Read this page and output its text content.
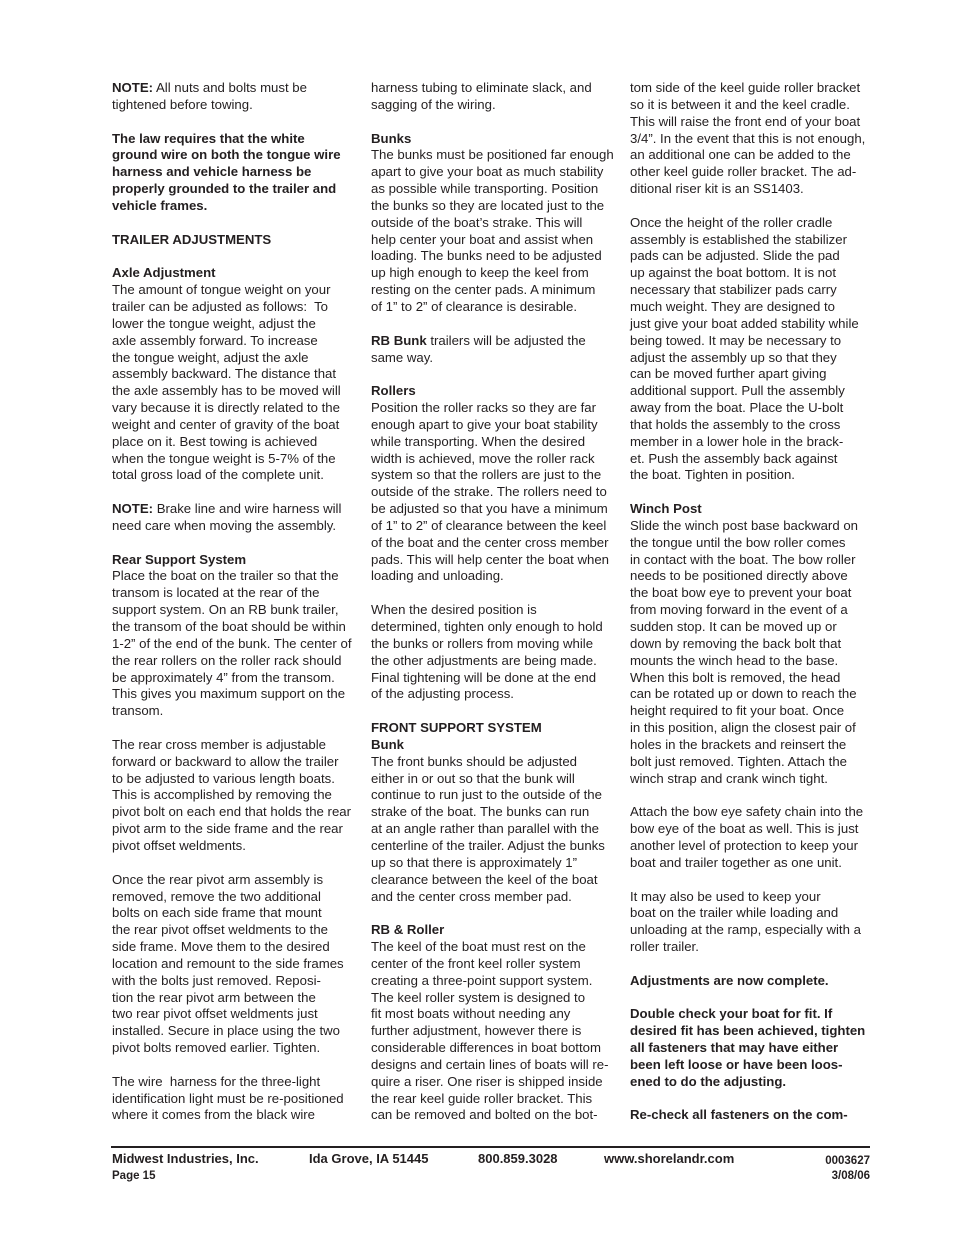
NOTE: All nuts and bolts must be
tightened before towing.
The law requires that the white
ground wire on both the tongue wire
harness and vehicle harness be
properly grounded to the trailer and
vehicle frames.
TRAILER ADJUSTMENTS
Axle Adjustment
The amount of tongue weight on your
trailer can be adjusted as follows:  To
lower the tongue weight, adjust the
axle assembly forward. To increase
the tongue weight, adjust the axle
assembly backward. The distance that
the axle assembly has to be moved will
vary because it is directly related to the
weight and center of gravity of the boat
place on it. Best towing is achieved
when the tongue weight is 5-7% of the
total gross load of the complete unit.
NOTE: Brake line and wire harness will
need care when moving the assembly.
Rear Support System
Place the boat on the trailer so that the
transom is located at the rear of the
support system. On an RB bunk trailer,
the transom of the boat should be within
1-2” of the end of the bunk. The center of
the rear rollers on the roller rack should
be approximately 4” from the transom.
This gives you maximum support on the
transom.
The rear cross member is adjustable
forward or backward to allow the trailer
to be adjusted to various length boats.
This is accomplished by removing the
pivot bolt on each end that holds the rear
pivot arm to the side frame and the rear
pivot offset weldments.
Once the rear pivot arm assembly is
removed, remove the two additional
bolts on each side frame that mount
the rear pivot offset weldments to the
side frame. Move them to the desired
location and remount to the side frames
with the bolts just removed. Reposi-
tion the rear pivot arm between the
two rear pivot offset weldments just
installed. Secure in place using the two
pivot bolts removed earlier. Tighten.
The wire  harness for the three-light
identification light must be re-positioned
where it comes from the black wire
harness tubing to eliminate slack, and
sagging of the wiring.
Bunks
The bunks must be positioned far enough
apart to give your boat as much stability
as possible while transporting. Position
the bunks so they are located just to the
outside of the boat’s strake. This will
help center your boat and assist when
loading. The bunks need to be adjusted
up high enough to keep the keel from
resting on the center pads. A minimum
of 1” to 2” of clearance is desirable.
RB Bunk trailers will be adjusted the
same way.
Rollers
Position the roller racks so they are far
enough apart to give your boat stability
while transporting. When the desired
width is achieved, move the roller rack
system so that the rollers are just to the
outside of the strake. The rollers need to
be adjusted so that you have a minimum
of 1” to 2” of clearance between the keel
of the boat and the center cross member
pads. This will help center the boat when
loading and unloading.
When the desired position is
determined, tighten only enough to hold
the bunks or rollers from moving while
the other adjustments are being made.
Final tightening will be done at the end
of the adjusting process.
FRONT SUPPORT SYSTEM
Bunk
The front bunks should be adjusted
either in or out so that the bunk will
continue to run just to the outside of the
strake of the boat. The bunks can run
at an angle rather than parallel with the
centerline of the trailer. Adjust the bunks
up so that there is approximately 1”
clearance between the keel of the boat
and the center cross member pad.
RB & Roller
The keel of the boat must rest on the
center of the front keel roller system
creating a three-point support system.
The keel roller system is designed to
fit most boats without needing any
further adjustment, however there is
considerable differences in boat bottom
designs and certain lines of boats will re-
quire a riser. One riser is shipped inside
the rear keel guide roller bracket. This
can be removed and bolted on the bot-
tom side of the keel guide roller bracket
so it is between it and the keel cradle.
This will raise the front end of your boat
3/4”. In the event that this is not enough,
an additional one can be added to the
other keel guide roller bracket. The ad-
ditional riser kit is an SS1403.
Once the height of the roller cradle
assembly is established the stabilizer
pads can be adjusted. Slide the pad
up against the boat bottom. It is not
necessary that stabilizer pads carry
much weight. They are designed to
just give your boat added stability while
being towed. It may be necessary to
adjust the assembly up so that they
can be moved further apart giving
additional support. Pull the assembly
away from the boat. Place the U-bolt
that holds the assembly to the cross
member in a lower hole in the brack-
et. Push the assembly back against
the boat. Tighten in position.
Winch Post
Slide the winch post base backward on
the tongue until the bow roller comes
in contact with the boat. The bow roller
needs to be positioned directly above
the boat bow eye to prevent your boat
from moving forward in the event of a
sudden stop. It can be moved up or
down by removing the back bolt that
mounts the winch head to the base.
When this bolt is removed, the head
can be rotated up or down to reach the
height required to fit your boat. Once
in this position, align the closest pair of
holes in the brackets and reinsert the
bolt just removed. Tighten. Attach the
winch strap and crank winch tight.
Attach the bow eye safety chain into the
bow eye of the boat as well. This is just
another level of protection to keep your
boat and trailer together as one unit.
It may also be used to keep your
boat on the trailer while loading and
unloading at the ramp, especially with a
roller trailer.
Adjustments are now complete.
Double check your boat for fit. If
desired fit has been achieved, tighten
all fasteners that may have either
been left loose or have been loos-
ened to do the adjusting.
Re-check all fasteners on the com-
Midwest Industries, Inc.
Page 15
Ida Grove, IA 51445	800.859.3028	www.shorelandr.com	0003627
3/08/06
